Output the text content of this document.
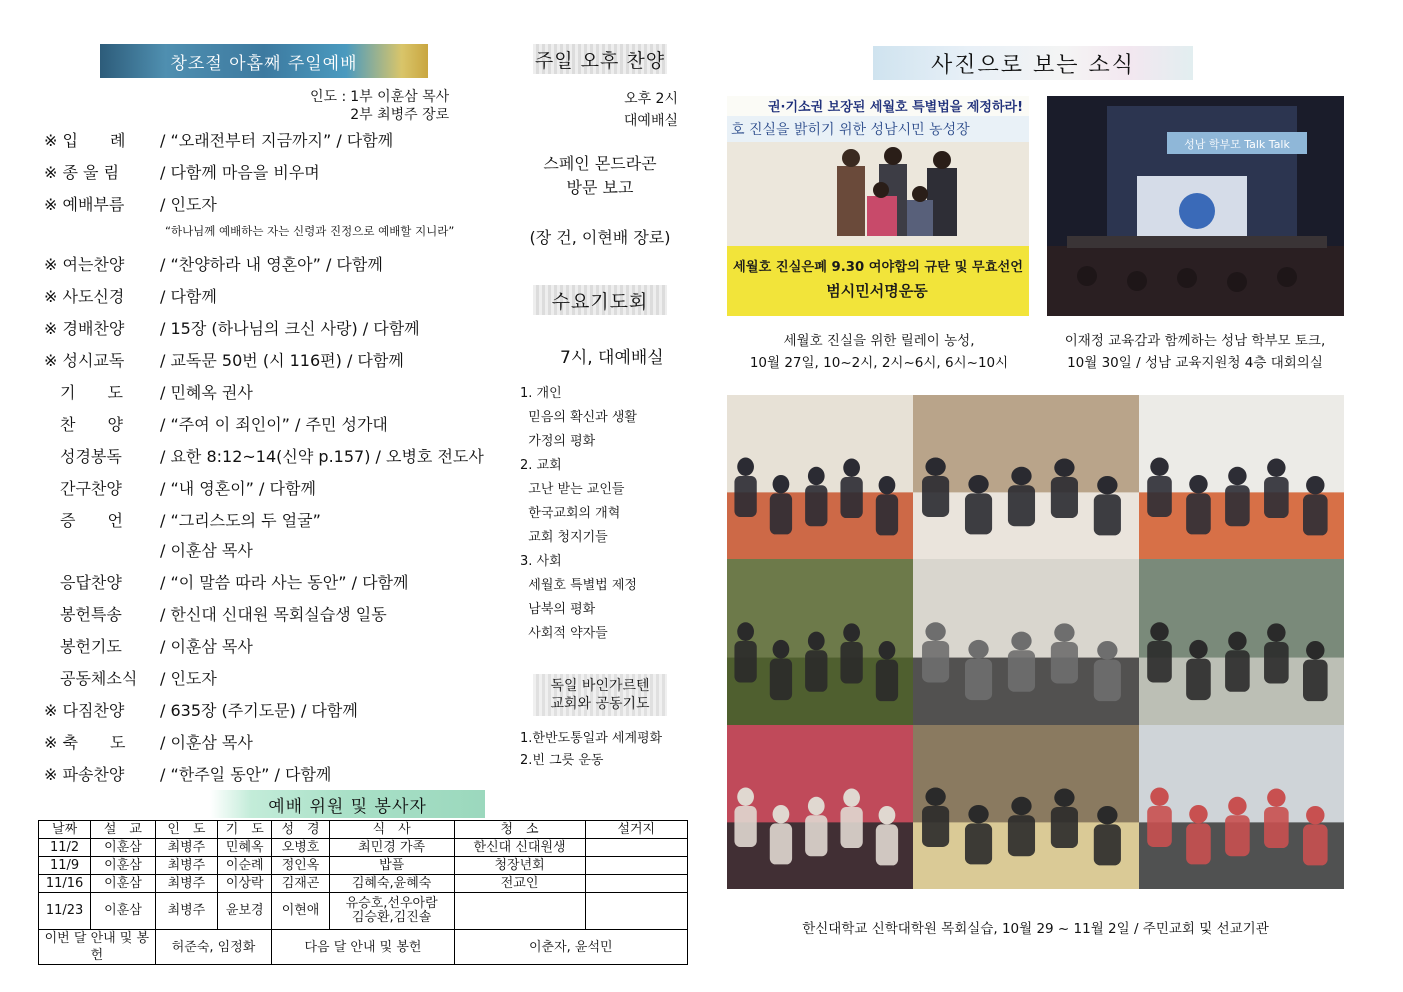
창조절 아홉째 주일예배
인도 : 1부 이훈삼 목사
2부 최병주 장로
※ 입　　례	/ “오래전부터 지금까지” / 다함께
※ 종 울 림	/ 다함께 마음을 비우며
※ 예배부름	/ 인도자
※ 여는찬양	/ “찬양하라 내 영혼아” / 다함께
※ 사도신경	/ 다함께
※ 경배찬양	/ 15장 (하나님의 크신 사랑) / 다함께
※ 성시교독	/ 교독문 50번 (시 116편) / 다함께
　기　　도	/ 민혜옥 권사
　찬　　양	/ “주여 이 죄인이” / 주민 성가대
　성경봉독	/ 요한 8:12~14(신약 p.157) / 오병호 전도사
　간구찬양	/ “내 영혼이” / 다함께
　증　　언	/ “그리스도의 두 얼굴”
/ 이훈삼 목사
　응답찬양	/ “이 말씀 따라 사는 동안” / 다함께
　봉헌특송	/ 한신대 신대원 목회실습생 일동
　봉헌기도	/ 이훈삼 목사
　공동체소식	/ 인도자
※ 다짐찬양	/ 635장 (주기도문) / 다함께
※ 축　　도	/ 이훈삼 목사
※ 파송찬양	/ “한주일 동안” / 다함께
“하나님께 예배하는 자는 신령과 진정으로 예배할 지니라”
예배 위원 및 봉사자
날짜	설　교	인　도	기　도	성　경	식　사	청　소	설거지
11/2	이훈삼	최병주	민혜옥	오병호	최민경 가족	한신대 신대원생	
11/9	이훈삼	최병주	이순례	정인옥	밥플	청장년회	
11/16	이훈삼	최병주	이상락	김재곤	김혜숙,윤혜숙	전교인	
11/23	이훈삼	최병주	윤보경	이현애	유승호,선우아람
김승환,김진솔		
이번 달 안내 및 봉헌		허준숙, 임정화		다음 달 안내 및 봉헌		이춘자, 윤석민	
주일 오후 찬양
오후 2시
대예배실
스페인 몬드라곤
방문 보고
(장 건, 이현배 장로)
수요기도회
7시, 대예배실
1. 개인
믿음의 확신과 생활
가정의 평화
2. 교회
고난 받는 교인들
한국교회의 개혁
교회 청지기들
3. 사회
세월호 특별법 제정
남북의 평화
사회적 약자들
독일 바인가르텐
교회와 공동기도
1.한반도통일과 세계평화
2.빈 그릇 운동
사진으로 보는 소식
권·기소권 보장된 세월호 특별법을 제정하라!
호 진실을 밝히기 위한 성남시민 농성장
세월호 진실은폐 9.30 여야합의 규탄 및 무효선언
범시민서명운동
성남 학부모 Talk Talk
세월호 진실을 위한 릴레이 농성,
10월 27일, 10~2시, 2시~6시, 6시~10시
이재정 교육감과 함께하는 성남 학부모 토크,
10월 30일 / 성남 교육지원청 4층 대회의실
한신대학교 신학대학원 목회실습, 10월 29 ~ 11월 2일 / 주민교회 및 선교기관
